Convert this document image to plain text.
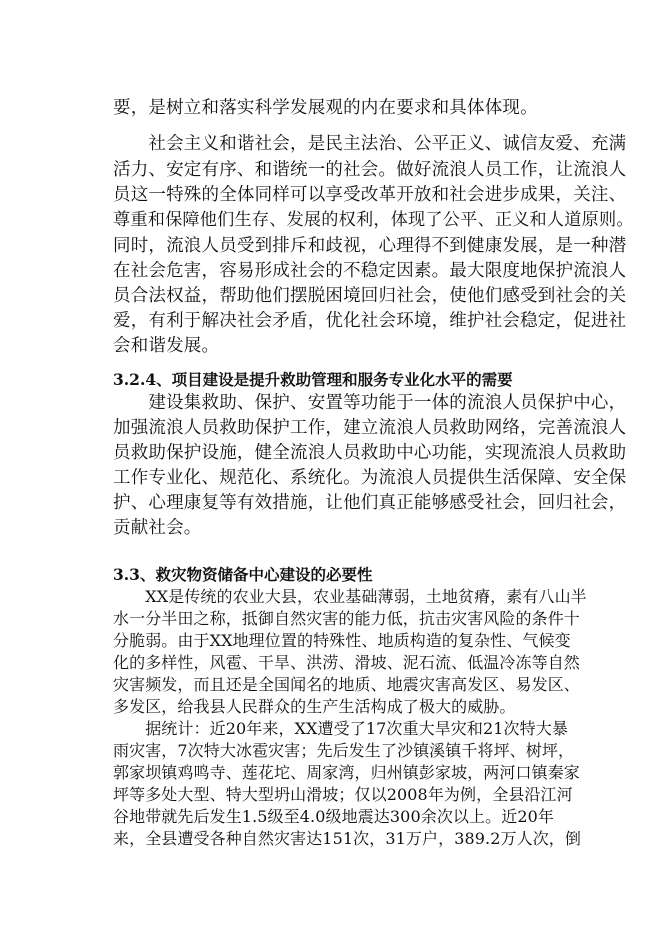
要，是树立和落实科学发展观的内在要求和具体体现。

　　社会主义和谐社会，是民主法治、公平正义、诚信友爱、充满

活力、安定有序、和谐统一的社会。做好流浪人员工作，让流浪人

员这一特殊的全体同样可以享受改革开放和社会进步成果，关注、

尊重和保障他们生存、发展的权利，体现了公平、正义和人道原则。

同时，流浪人员受到排斥和歧视，心理得不到健康发展，是一种潜

在社会危害，容易形成社会的不稳定因素。最大限度地保护流浪人

员合法权益，帮助他们摆脱困境回归社会，使他们感受到社会的关

爱，有利于解决社会矛盾，优化社会环境，维护社会稳定，促进社

会和谐发展。

3.2.4、项目建设是提升救助管理和服务专业化水平的需要

　　建设集救助、保护、安置等功能于一体的流浪人员保护中心，

加强流浪人员救助保护工作，建立流浪人员救助网络，完善流浪人

员救助保护设施，健全流浪人员救助中心功能，实现流浪人员救助

工作专业化、规范化、系统化。为流浪人员提供生活保障、安全保

护、心理康复等有效措施，让他们真正能够感受社会，回归社会，

贡献社会。

3.3、救灾物资储备中心建设的必要性

　　XX是传统的农业大县，农业基础薄弱，土地贫瘠，素有八山半

水一分半田之称，抵御自然灾害的能力低，抗击灾害风险的条件十

分脆弱。由于XX地理位置的特殊性、地质构造的复杂性、气候变

化的多样性，风雹、干旱、洪涝、滑坡、泥石流、低温冷冻等自然

灾害频发，而且还是全国闻名的地质、地震灾害高发区、易发区、

多发区，给我县人民群众的生产生活构成了极大的威胁。

　　据统计：近20年来，XX遭受了17次重大旱灾和21次特大暴

雨灾害，7次特大冰雹灾害；先后发生了沙镇溪镇千将坪、树坪，

郭家坝镇鸡鸣寺、莲花坨、周家湾，归州镇彭家坡，两河口镇秦家

坪等多处大型、特大型坍山滑坡；仅以2008年为例，全县沿江河

谷地带就先后发生1.5级至4.0级地震达300余次以上。近20年

来，全县遭受各种自然灾害达151次，31万户，389.2万人次，倒
